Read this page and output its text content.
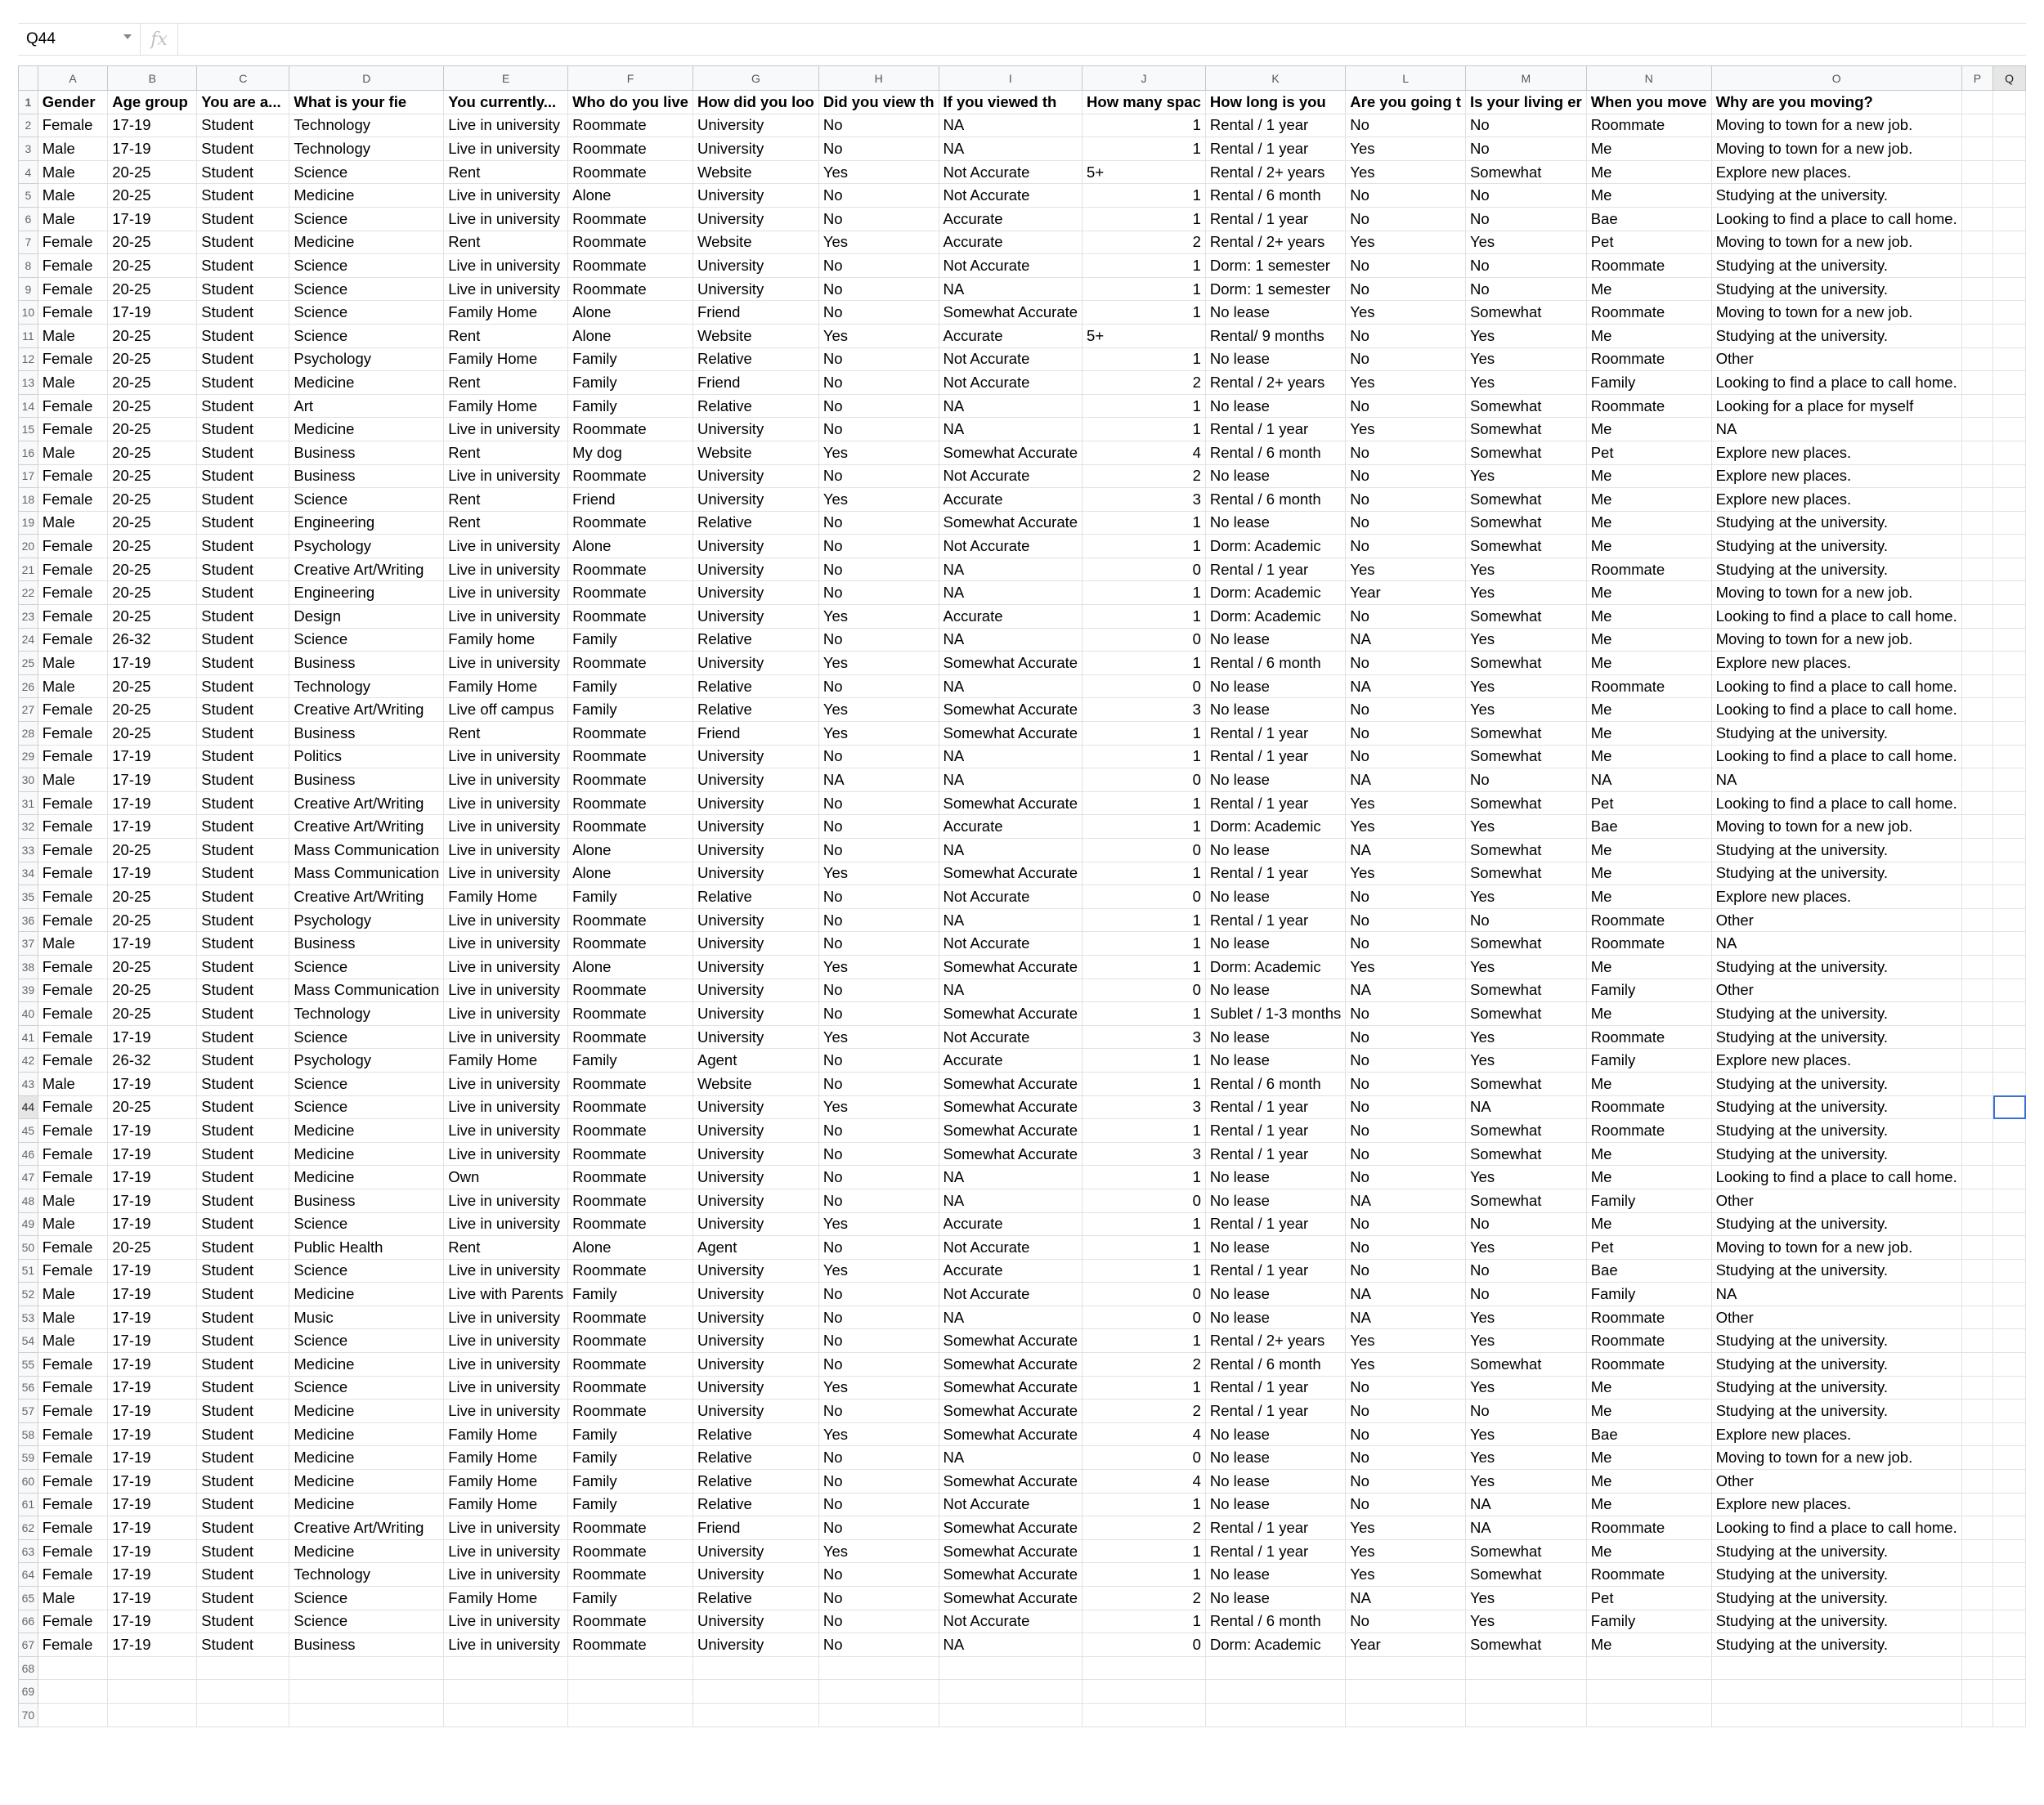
Q44	fx
	A	B	C	D	E	F	G	H	I	J	K	L	M	N	O	P	Q
1	Gender	Age group	You are a...	What is your fie	You currently...	Who do you live	How did you loo	Did you view th	If you viewed th	How many spac	How long is you	Are you going t	Is your living er	When you move	Why are you moving?		
2	Female	17-19	Student	Technology	Live in university	Roommate	University	No	NA	1	Rental / 1 year	No	No	Roommate	Moving to town for a new job.		
3	Male	17-19	Student	Technology	Live in university	Roommate	University	No	NA	1	Rental / 1 year	Yes	No	Me	Moving to town for a new job.		
4	Male	20-25	Student	Science	Rent	Roommate	Website	Yes	Not Accurate	5+	Rental / 2+ years	Yes	Somewhat	Me	Explore new places.		
5	Male	20-25	Student	Medicine	Live in university	Alone	University	No	Not Accurate	1	Rental / 6 month	No	No	Me	Studying at the university.		
6	Male	17-19	Student	Science	Live in university	Roommate	University	No	Accurate	1	Rental / 1 year	No	No	Bae	Looking to find a place to call home.		
7	Female	20-25	Student	Medicine	Rent	Roommate	Website	Yes	Accurate	2	Rental / 2+ years	Yes	Yes	Pet	Moving to town for a new job.		
8	Female	20-25	Student	Science	Live in university	Roommate	University	No	Not Accurate	1	Dorm: 1 semester	No	No	Roommate	Studying at the university.		
9	Female	20-25	Student	Science	Live in university	Roommate	University	No	NA	1	Dorm: 1 semester	No	No	Me	Studying at the university.		
10	Female	17-19	Student	Science	Family Home	Alone	Friend	No	Somewhat Accurate	1	No lease	Yes	Somewhat	Roommate	Moving to town for a new job.		
11	Male	20-25	Student	Science	Rent	Alone	Website	Yes	Accurate	5+	Rental/ 9 months	No	Yes	Me	Studying at the university.		
12	Female	20-25	Student	Psychology	Family Home	Family	Relative	No	Not Accurate	1	No lease	No	Yes	Roommate	Other		
13	Male	20-25	Student	Medicine	Rent	Family	Friend	No	Not Accurate	2	Rental / 2+ years	Yes	Yes	Family	Looking to find a place to call home.		
14	Female	20-25	Student	Art	Family Home	Family	Relative	No	NA	1	No lease	No	Somewhat	Roommate	Looking for a place for myself		
15	Female	20-25	Student	Medicine	Live in university	Roommate	University	No	NA	1	Rental / 1 year	Yes	Somewhat	Me	NA		
16	Male	20-25	Student	Business	Rent	My dog	Website	Yes	Somewhat Accurate	4	Rental / 6 month	No	Somewhat	Pet	Explore new places.		
17	Female	20-25	Student	Business	Live in university	Roommate	University	No	Not Accurate	2	No lease	No	Yes	Me	Explore new places.		
18	Female	20-25	Student	Science	Rent	Friend	University	Yes	Accurate	3	Rental / 6 month	No	Somewhat	Me	Explore new places.		
19	Male	20-25	Student	Engineering	Rent	Roommate	Relative	No	Somewhat Accurate	1	No lease	No	Somewhat	Me	Studying at the university.		
20	Female	20-25	Student	Psychology	Live in university	Alone	University	No	Not Accurate	1	Dorm: Academic	No	Somewhat	Me	Studying at the university.		
21	Female	20-25	Student	Creative Art/Writing	Live in university	Roommate	University	No	NA	0	Rental / 1 year	Yes	Yes	Roommate	Studying at the university.		
22	Female	20-25	Student	Engineering	Live in university	Roommate	University	No	NA	1	Dorm: Academic	Year	Yes	Me	Moving to town for a new job.		
23	Female	20-25	Student	Design	Live in university	Roommate	University	Yes	Accurate	1	Dorm: Academic	No	Somewhat	Me	Looking to find a place to call home.		
24	Female	26-32	Student	Science	Family home	Family	Relative	No	NA	0	No lease	NA	Yes	Me	Moving to town for a new job.		
25	Male	17-19	Student	Business	Live in university	Roommate	University	Yes	Somewhat Accurate	1	Rental / 6 month	No	Somewhat	Me	Explore new places.		
26	Male	20-25	Student	Technology	Family Home	Family	Relative	No	NA	0	No lease	NA	Yes	Roommate	Looking to find a place to call home.		
27	Female	20-25	Student	Creative Art/Writing	Live off campus	Family	Relative	Yes	Somewhat Accurate	3	No lease	No	Yes	Me	Looking to find a place to call home.		
28	Female	20-25	Student	Business	Rent	Roommate	Friend	Yes	Somewhat Accurate	1	Rental / 1 year	No	Somewhat	Me	Studying at the university.		
29	Female	17-19	Student	Politics	Live in university	Roommate	University	No	NA	1	Rental / 1 year	No	Somewhat	Me	Looking to find a place to call home.		
30	Male	17-19	Student	Business	Live in university	Roommate	University	NA	NA	0	No lease	NA	No	NA	NA		
31	Female	17-19	Student	Creative Art/Writing	Live in university	Roommate	University	No	Somewhat Accurate	1	Rental / 1 year	Yes	Somewhat	Pet	Looking to find a place to call home.		
32	Female	17-19	Student	Creative Art/Writing	Live in university	Roommate	University	No	Accurate	1	Dorm: Academic	Yes	Yes	Bae	Moving to town for a new job.		
33	Female	20-25	Student	Mass Communication	Live in university	Alone	University	No	NA	0	No lease	NA	Somewhat	Me	Studying at the university.		
34	Female	17-19	Student	Mass Communication	Live in university	Alone	University	Yes	Somewhat Accurate	1	Rental / 1 year	Yes	Somewhat	Me	Studying at the university.		
35	Female	20-25	Student	Creative Art/Writing	Family Home	Family	Relative	No	Not Accurate	0	No lease	No	Yes	Me	Explore new places.		
36	Female	20-25	Student	Psychology	Live in university	Roommate	University	No	NA	1	Rental / 1 year	No	No	Roommate	Other		
37	Male	17-19	Student	Business	Live in university	Roommate	University	No	Not Accurate	1	No lease	No	Somewhat	Roommate	NA		
38	Female	20-25	Student	Science	Live in university	Alone	University	Yes	Somewhat Accurate	1	Dorm: Academic	Yes	Yes	Me	Studying at the university.		
39	Female	20-25	Student	Mass Communication	Live in university	Roommate	University	No	NA	0	No lease	NA	Somewhat	Family	Other		
40	Female	20-25	Student	Technology	Live in university	Roommate	University	No	Somewhat Accurate	1	Sublet / 1-3 months	No	Somewhat	Me	Studying at the university.		
41	Female	17-19	Student	Science	Live in university	Roommate	University	Yes	Not Accurate	3	No lease	No	Yes	Roommate	Studying at the university.		
42	Female	26-32	Student	Psychology	Family Home	Family	Agent	No	Accurate	1	No lease	No	Yes	Family	Explore new places.		
43	Male	17-19	Student	Science	Live in university	Roommate	Website	No	Somewhat Accurate	1	Rental / 6 month	No	Somewhat	Me	Studying at the university.		
44	Female	20-25	Student	Science	Live in university	Roommate	University	Yes	Somewhat Accurate	3	Rental / 1 year	No	NA	Roommate	Studying at the university.		
45	Female	17-19	Student	Medicine	Live in university	Roommate	University	No	Somewhat Accurate	1	Rental / 1 year	No	Somewhat	Roommate	Studying at the university.		
46	Female	17-19	Student	Medicine	Live in university	Roommate	University	No	Somewhat Accurate	3	Rental / 1 year	No	Somewhat	Me	Studying at the university.		
47	Female	17-19	Student	Medicine	Own	Roommate	University	No	NA	1	No lease	No	Yes	Me	Looking to find a place to call home.		
48	Male	17-19	Student	Business	Live in university	Roommate	University	No	NA	0	No lease	NA	Somewhat	Family	Other		
49	Male	17-19	Student	Science	Live in university	Roommate	University	Yes	Accurate	1	Rental / 1 year	No	No	Me	Studying at the university.		
50	Female	20-25	Student	Public Health	Rent	Alone	Agent	No	Not Accurate	1	No lease	No	Yes	Pet	Moving to town for a new job.		
51	Female	17-19	Student	Science	Live in university	Roommate	University	Yes	Accurate	1	Rental / 1 year	No	No	Bae	Studying at the university.		
52	Male	17-19	Student	Medicine	Live with Parents	Family	University	No	Not Accurate	0	No lease	NA	No	Family	NA		
53	Male	17-19	Student	Music	Live in university	Roommate	University	No	NA	0	No lease	NA	Yes	Roommate	Other		
54	Male	17-19	Student	Science	Live in university	Roommate	University	No	Somewhat Accurate	1	Rental / 2+ years	Yes	Yes	Roommate	Studying at the university.		
55	Female	17-19	Student	Medicine	Live in university	Roommate	University	No	Somewhat Accurate	2	Rental / 6 month	Yes	Somewhat	Roommate	Studying at the university.		
56	Female	17-19	Student	Science	Live in university	Roommate	University	Yes	Somewhat Accurate	1	Rental / 1 year	No	Yes	Me	Studying at the university.		
57	Female	17-19	Student	Medicine	Live in university	Roommate	University	No	Somewhat Accurate	2	Rental / 1 year	No	No	Me	Studying at the university.		
58	Female	17-19	Student	Medicine	Family Home	Family	Relative	Yes	Somewhat Accurate	4	No lease	No	Yes	Bae	Explore new places.		
59	Female	17-19	Student	Medicine	Family Home	Family	Relative	No	NA	0	No lease	No	Yes	Me	Moving to town for a new job.		
60	Female	17-19	Student	Medicine	Family Home	Family	Relative	No	Somewhat Accurate	4	No lease	No	Yes	Me	Other		
61	Female	17-19	Student	Medicine	Family Home	Family	Relative	No	Not Accurate	1	No lease	No	NA	Me	Explore new places.		
62	Female	17-19	Student	Creative Art/Writing	Live in university	Roommate	Friend	No	Somewhat Accurate	2	Rental / 1 year	Yes	NA	Roommate	Looking to find a place to call home.		
63	Female	17-19	Student	Medicine	Live in university	Roommate	University	Yes	Somewhat Accurate	1	Rental / 1 year	Yes	Somewhat	Me	Studying at the university.		
64	Female	17-19	Student	Technology	Live in university	Roommate	University	No	Somewhat Accurate	1	No lease	Yes	Somewhat	Roommate	Studying at the university.		
65	Male	17-19	Student	Science	Family Home	Family	Relative	No	Somewhat Accurate	2	No lease	NA	Yes	Pet	Studying at the university.		
66	Female	17-19	Student	Science	Live in university	Roommate	University	No	Not Accurate	1	Rental / 6 month	No	Yes	Family	Studying at the university.		
67	Female	17-19	Student	Business	Live in university	Roommate	University	No	NA	0	Dorm: Academic	Year	Somewhat	Me	Studying at the university.		
68																	
69																	
70																	
